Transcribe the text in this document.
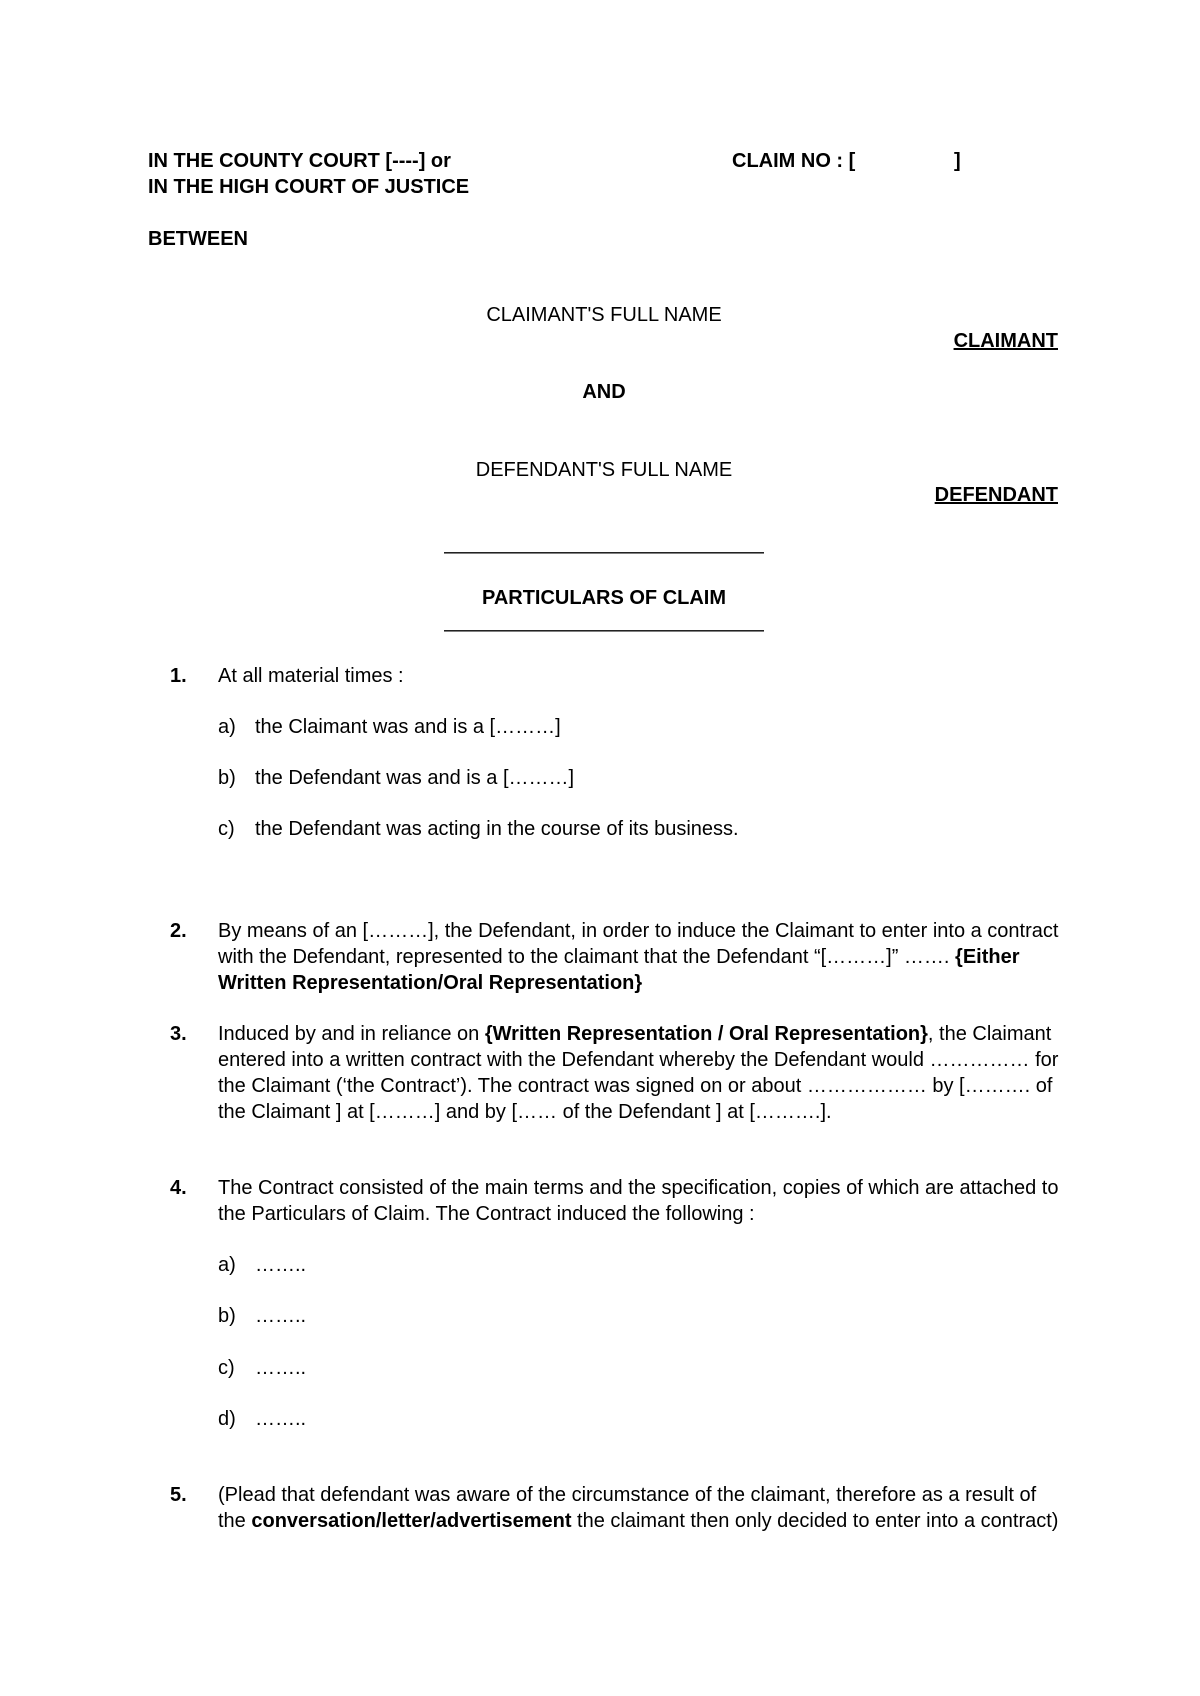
IN THE COUNTY COURT [----] or
IN THE HIGH COURT OF JUSTICE
CLAIM NO : [	]
BETWEEN
CLAIMANT'S FULL NAME
CLAIMANT
AND
DEFENDANT'S FULL NAME
DEFENDANT
————————————————
PARTICULARS OF CLAIM
————————————————
1.	At all material times :
a) the Claimant was and is a [………]
b) the Defendant was and is a [………]
c)	the Defendant was acting in the course of its business.
2.	By means of an [………], the Defendant, in order to induce the Claimant to enter into a contract with the Defendant, represented to the claimant that the Defendant “[………]” ……. {Either Written Representation/Oral Representation}

3.	Induced by and in reliance on {Written Representation / Oral Representation}, the Claimant entered into a written contract with the Defendant whereby the Defendant would …………… for the Claimant (‘the Contract’). The contract was signed on or about ……………… by [………. of the Claimant ] at [………] and by […… of the Defendant ] at [……….].

4.	The Contract consisted of the main terms and the specification, copies of which are attached to the Particulars of Claim. The Contract induced the following :
a) ……..
b) ……..
c)	……..
d) ……..
5.	(Plead that defendant was aware of the circumstance of the claimant, therefore as a result of the conversation/letter/advertisement the claimant then only decided to enter into a contract)
